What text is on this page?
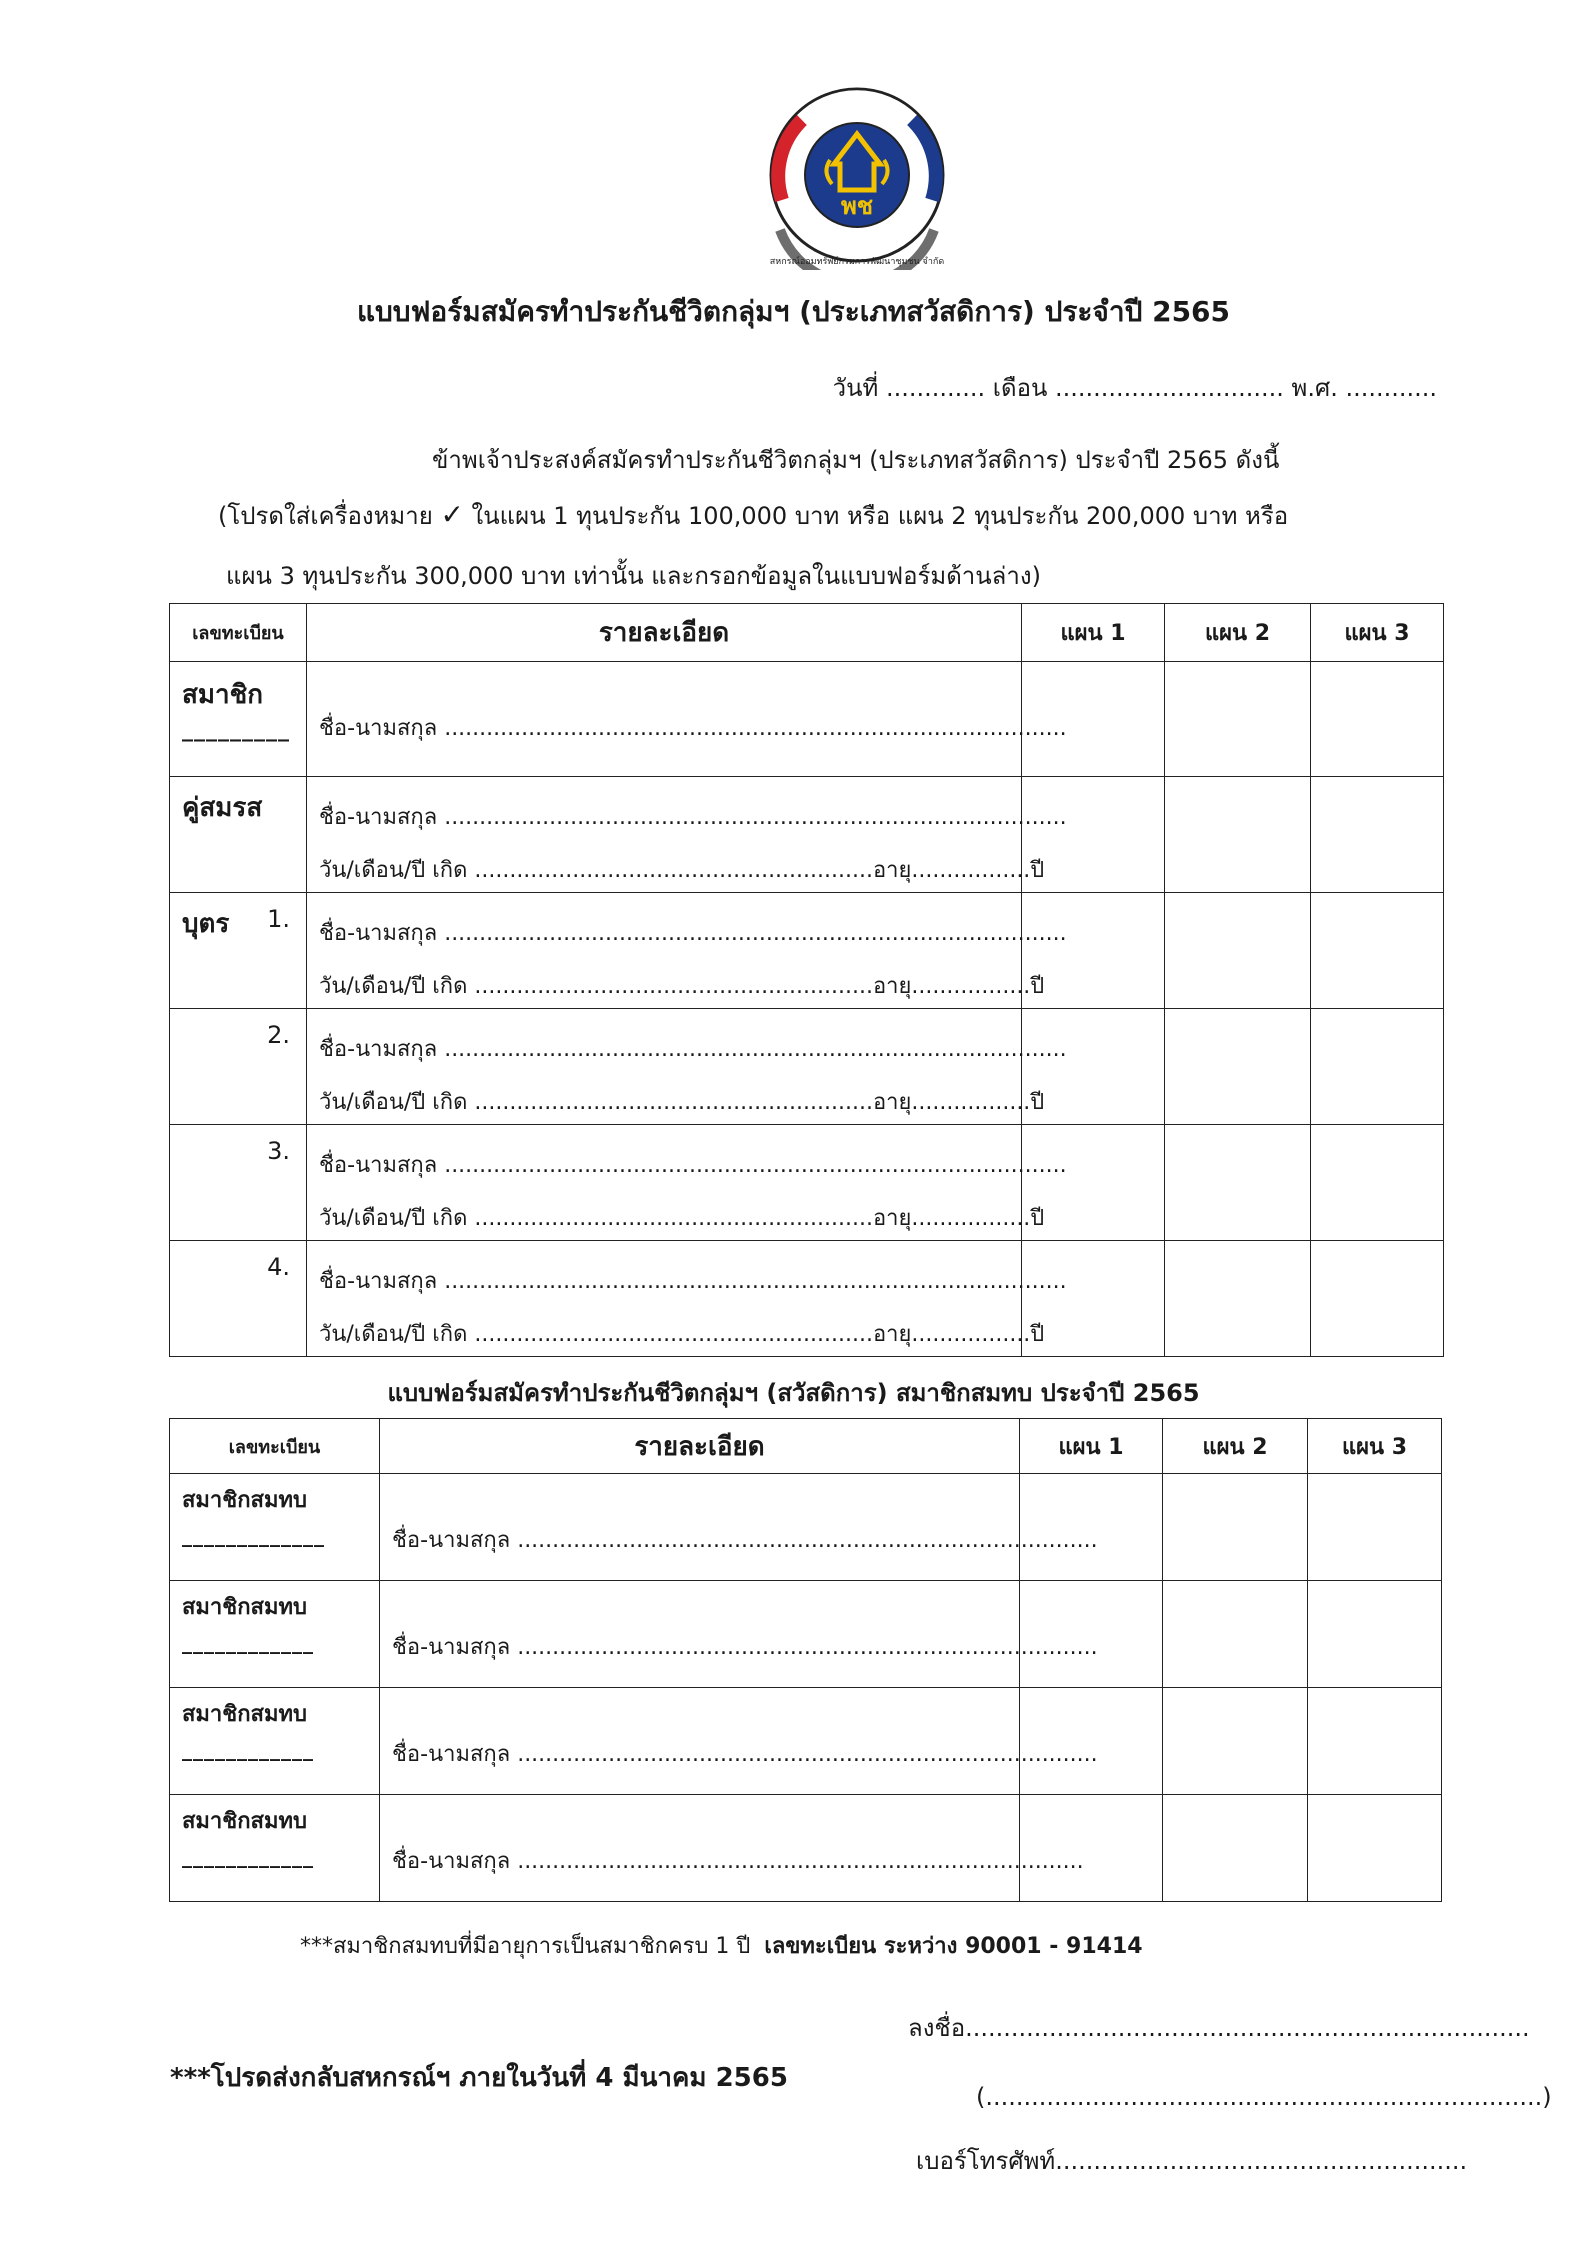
พช
สหกรณ์ออมทรัพย์กรมการพัฒนาชุมชน จำกัด
แบบฟอร์มสมัครทำประกันชีวิตกลุ่มฯ (ประเภทสวัสดิการ) ประจำปี 2565
วันที่ ............. เดือน .............................. พ.ศ. ............
ข้าพเจ้าประสงค์สมัครทำประกันชีวิตกลุ่มฯ (ประเภทสวัสดิการ) ประจำปี 2565 ดังนี้
(โปรดใส่เครื่องหมาย ✓ ในแผน 1 ทุนประกัน 100,000 บาท หรือ แผน 2 ทุนประกัน 200,000 บาท หรือ
แผน 3 ทุนประกัน 300,000 บาท เท่านั้น และกรอกข้อมูลในแบบฟอร์มด้านล่าง)
เลขทะเบียน	รายละเอียด	แผน 1	แผน 2	แผน 3

สมาชิก
_________	ชื่อ-นามสกุล .........................................................................................			

คู่สมรส	ชื่อ-นามสกุล .........................................................................................
วัน/เดือน/ปี เกิด .........................................................อายุ.................ปี			

บุตร 1.	ชื่อ-นามสกุล .........................................................................................
วัน/เดือน/ปี เกิด .........................................................อายุ.................ปี			

2.	ชื่อ-นามสกุล .........................................................................................
วัน/เดือน/ปี เกิด .........................................................อายุ.................ปี			

3.	ชื่อ-นามสกุล .........................................................................................
วัน/เดือน/ปี เกิด .........................................................อายุ.................ปี			

4.	ชื่อ-นามสกุล .........................................................................................
วัน/เดือน/ปี เกิด .........................................................อายุ.................ปี			

แบบฟอร์มสมัครทำประกันชีวิตกลุ่มฯ (สวัสดิการ) สมาชิกสมทบ ประจำปี 2565
เลขทะเบียน	รายละเอียด	แผน 1	แผน 2	แผน 3

สมาชิกสมทบ
_____________	ชื่อ-นามสกุล ...................................................................................			

สมาชิกสมทบ
____________	ชื่อ-นามสกุล ...................................................................................			

สมาชิกสมทบ
____________	ชื่อ-นามสกุล ...................................................................................			

สมาชิกสมทบ
____________	ชื่อ-นามสกุล .................................................................................			

***สมาชิกสมทบที่มีอายุการเป็นสมาชิกครบ 1 ปี เลขทะเบียน ระหว่าง 90001 - 91414
ลงชื่อ..........................................................................
***โปรดส่งกลับสหกรณ์ฯ ภายในวันที่ 4 มีนาคม 2565
(.........................................................................)
เบอร์โทรศัพท์......................................................
